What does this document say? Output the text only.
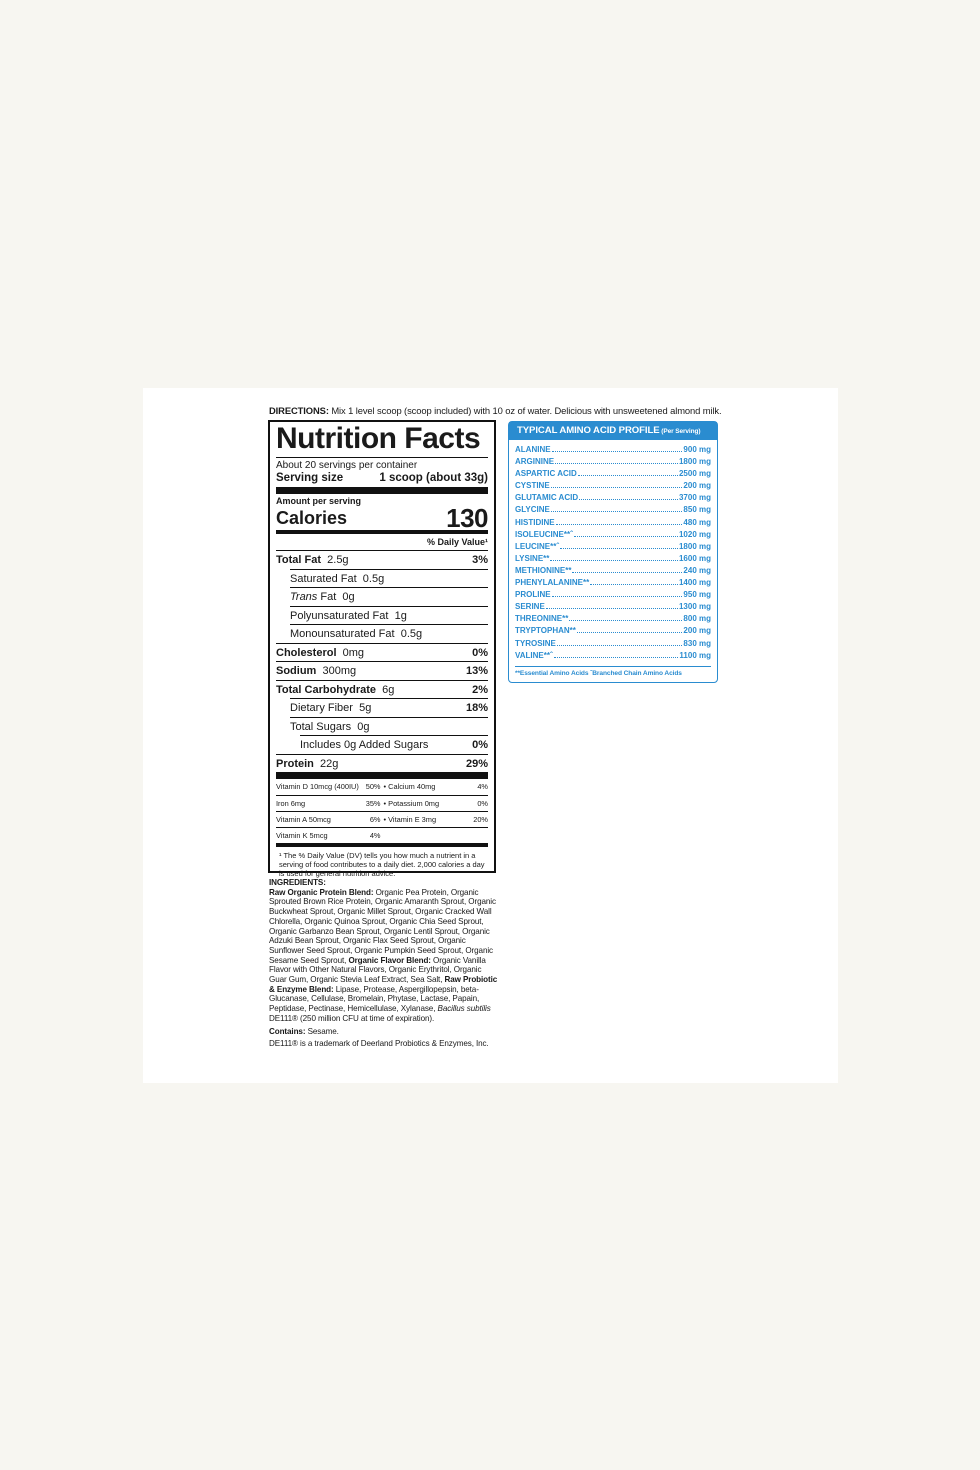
DIRECTIONS: Mix 1 level scoop (scoop included) with 10 oz of water. Delicious with unsweetened almond milk.
Nutrition Facts
About 20 servings per container
Serving size	1 scoop (about 33g)
Amount per serving
Calories	130
% Daily Value¹
Total Fat 2.5g	3%
Saturated Fat 0.5g
Trans Fat 0g
Polyunsaturated Fat 1g
Monounsaturated Fat 0.5g
Cholesterol 0mg	0%
Sodium 300mg	13%
Total Carbohydrate 6g	2%
Dietary Fiber 5g	18%
Total Sugars 0g
Includes 0g Added Sugars	0%
Protein 22g	29%
Vitamin D 10mcg (400IU) 50% • Calcium 40mg	4%
Iron 6mg	35% • Potassium 0mg	0%
Vitamin A 50mcg	6% • Vitamin E 3mg	20%
Vitamin K 5mcg	4%
¹ The % Daily Value (DV) tells you how much a nutrient in a serving of food contributes to a daily diet. 2,000 calories a day is used for general nutrition advice.

INGREDIENTS:

Raw Organic Protein Blend: Organic Pea Protein, Organic Sprouted Brown Rice Protein, Organic Amaranth Sprout, Organic Buckwheat Sprout, Organic Millet Sprout, Organic Cracked Wall Chlorella, Organic Quinoa Sprout, Organic Chia Seed Sprout, Organic Garbanzo Bean Sprout, Organic Lentil Sprout, Organic Adzuki Bean Sprout, Organic Flax Seed Sprout, Organic Sunflower Seed Sprout, Organic Pumpkin Seed Sprout, Organic Sesame Seed Sprout, Organic Flavor Blend: Organic Vanilla Flavor with Other Natural Flavors, Organic Erythritol, Organic Guar Gum, Organic Stevia Leaf Extract, Sea Salt, Raw Probiotic & Enzyme Blend: Lipase, Protease, Aspergillopepsin, beta-Glucanase, Cellulase, Bromelain, Phytase, Lactase, Papain, Peptidase, Pectinase, Hemicellulase, Xylanase, Bacillus subtilis DE111® (250 million CFU at time of expiration).

Contains: Sesame.

DE111® is a trademark of Deerland Probiotics & Enzymes, Inc.

TYPICAL AMINO ACID PROFILE (Per Serving)
ALANINE	900 mg
ARGININE	1800 mg
ASPARTIC ACID	2500 mg
CYSTINE	200 mg
GLUTAMIC ACID	3700 mg
GLYCINE	850 mg
HISTIDINE	480 mg
ISOLEUCINE**ˆ	1020 mg
LEUCINE**ˆ	1800 mg
LYSINE**	1600 mg
METHIONINE**	240 mg
PHENYLALANINE**	1400 mg
PROLINE	950 mg
SERINE	1300 mg
THREONINE**	800 mg
TRYPTOPHAN**	200 mg
TYROSINE	830 mg
VALINE**ˆ	1100 mg
**Essential Amino Acids ˆBranched Chain Amino Acids
